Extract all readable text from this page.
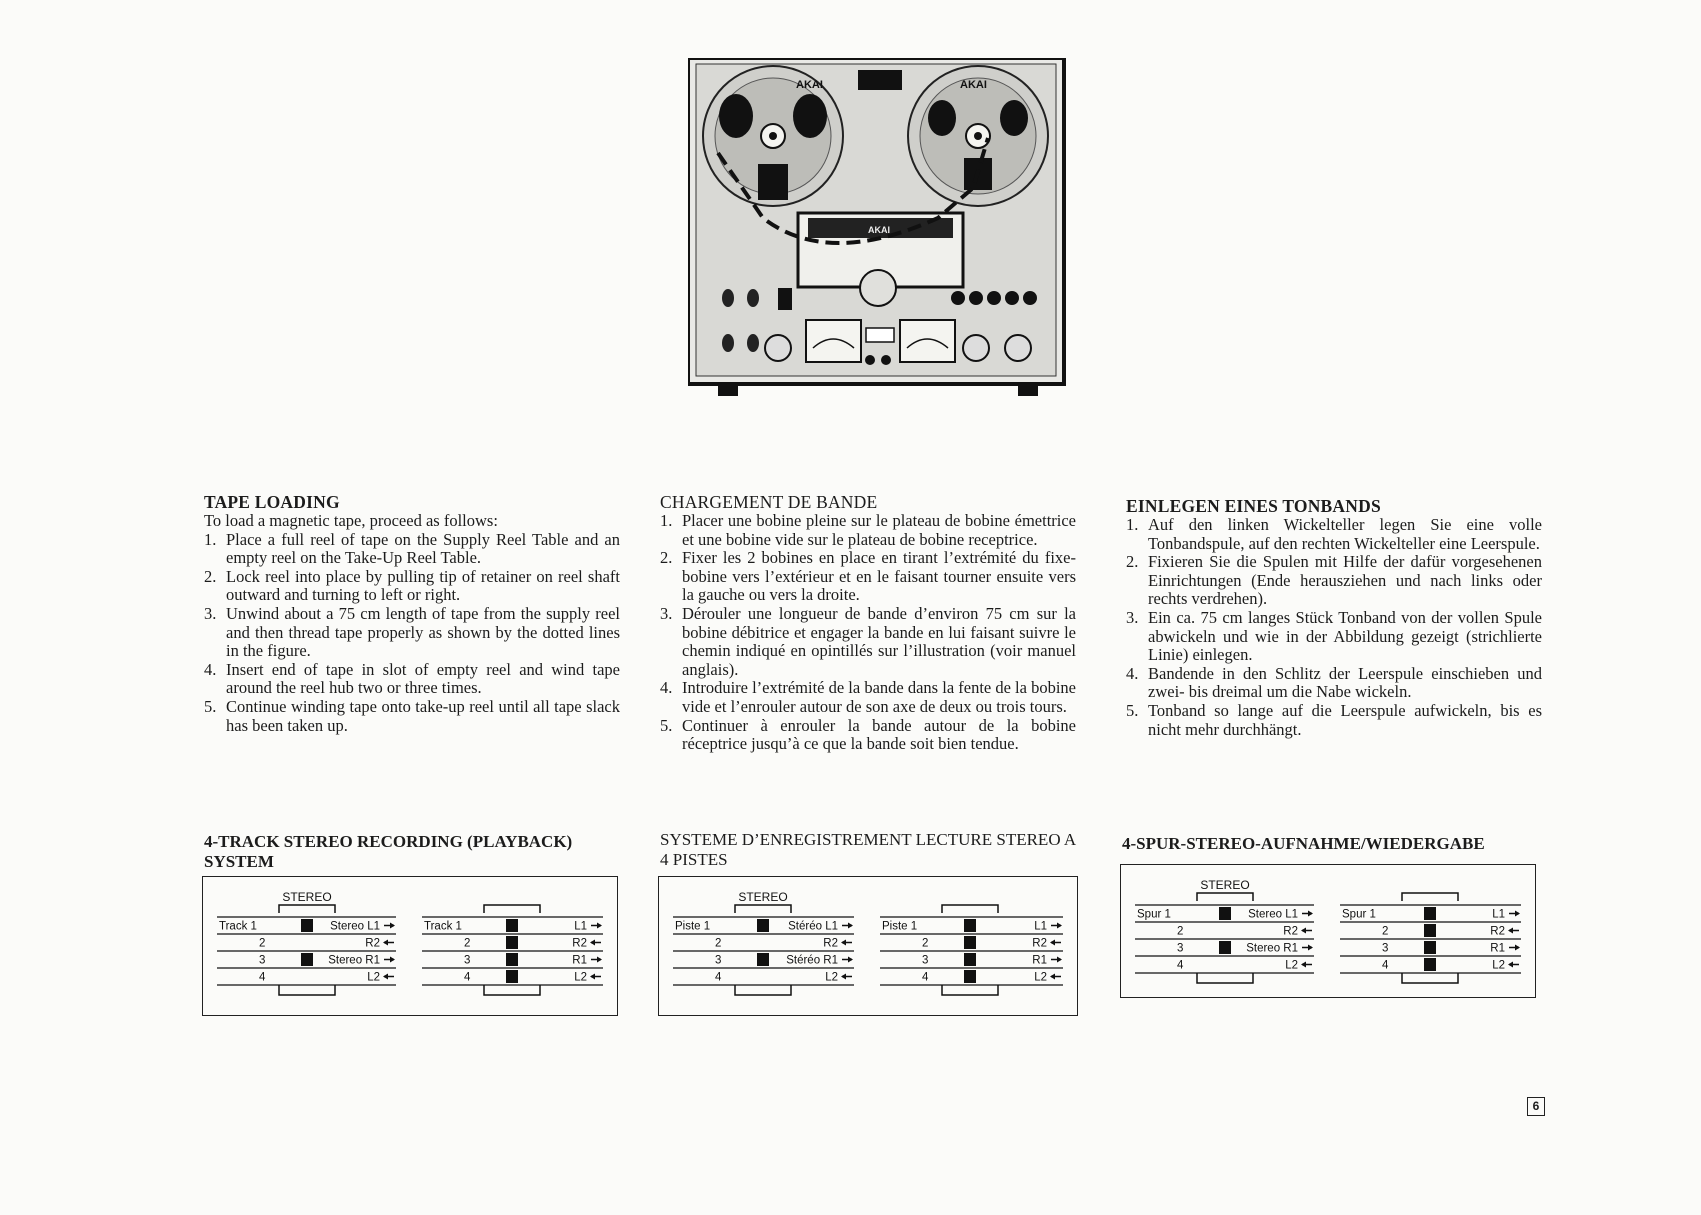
AKAI	AKAI
AKAI
TAPE LOADING

To load a magnetic tape, proceed as follows:

1. Place a full reel of tape on the Supply Reel Table and an empty reel on the Take-Up Reel Table.
2. Lock reel into place by pulling tip of retainer on reel shaft outward and turning to left or right.
3. Unwind about a 75 cm length of tape from the supply reel and then thread tape properly as shown by the dotted lines in the figure.
4. Insert end of tape in slot of empty reel and wind tape around the reel hub two or three times.
5. Continue winding tape onto take-up reel until all tape slack has been taken up.
CHARGEMENT DE BANDE
1. Placer une bobine pleine sur le plateau de bobine émettrice et une bobine vide sur le plateau de bobine receptrice.
2. Fixer les 2 bobines en place en tirant l’extrémité du fixe-bobine vers l’extérieur et en le faisant tourner ensuite vers la gauche ou vers la droite.
3. Dérouler une longueur de bande d’environ 75 cm sur la bobine débitrice et engager la bande en lui faisant suivre le chemin indiqué en opintillés sur l’illustration (voir manuel anglais).
4. Introduire l’extrémité de la bande dans la fente de la bobine vide et l’enrouler autour de son axe de deux ou trois tours.
5. Continuer à enrouler la bande autour de la bobine réceptrice jusqu’à ce que la bande soit bien tendue.
EINLEGEN EINES TONBANDS
1. Auf den linken Wickelteller legen Sie eine volle Tonbandspule, auf den rechten Wickelteller eine Leerspule.
2. Fixieren Sie die Spulen mit Hilfe der dafür vorgesehenen Einrichtungen (Ende herausziehen und nach links oder rechts verdrehen).
3. Ein ca. 75 cm langes Stück Tonband von der vollen Spule abwickeln und wie in der Abbildung gezeigt (strichlierte Linie) einlegen.
4. Bandende in den Schlitz der Leerspule einschieben und zwei- bis dreimal um die Nabe wickeln.
5. Tonband so lange auf die Leerspule aufwickeln, bis es nicht mehr durchhängt.
4-TRACK STEREO RECORDING (PLAYBACK) SYSTEM
SYSTEME D’ENREGISTREMENT LECTURE STEREO A 4 PISTES
4-SPUR-STEREO-AUFNAHME/WIEDERGABE
STEREO
Track 1	Stereo L1
2	R2
3	Stereo R1
4	L2
Track 1	L1
2	R2
3	R1
4	L2
STEREO
Piste 1	Stéréo L1
2	R2
3	Stéréo R1
4	L2
Piste 1	L1
2	R2
3	R1
4	L2
STEREO
Spur 1	Stereo L1
2	R2
3	Stereo R1
4	L2
Spur 1	L1
2	R2
3	R1
4	L2
6
